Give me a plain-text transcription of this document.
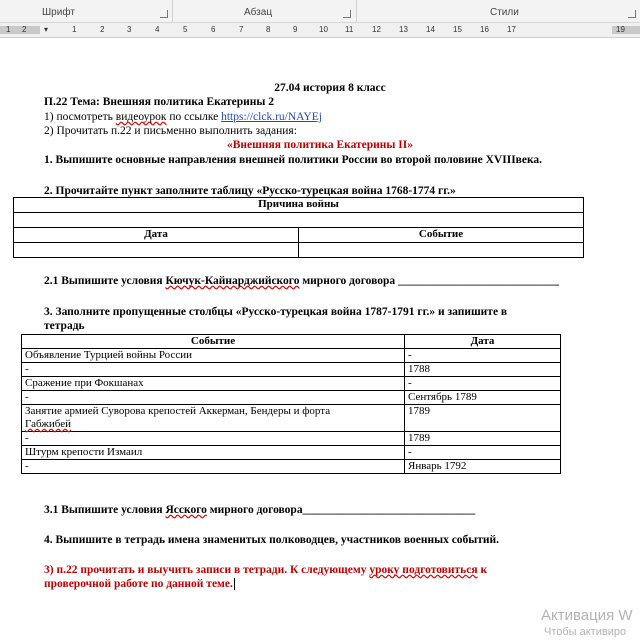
Шрифт	Абзац	Стили
1 2 ▾	1	2	3	4	5	6	7	8	9	10 11 12 13 14 15 16 17	19
27.04 история 8 класс
П.22 Тема: Внешняя политика Екатерины 2
1) посмотреть видеоурок по ссылке https://clck.ru/NAYEj
2) Прочитать п.22 и письменно выполнить задания:
«Внешняя политика Екатерины II»
1. Выпишите основные направления внешней политики России во второй половине XVIIIвека.
2. Прочитайте пункт заполните таблицу «Русско-турецкая война 1768-1774 гг.»
Причина войны	

Дата	Событие

2.1 Выпишите условия Кючук-Кайнарджийского мирного договора ____________________________
3. Заполните пропущенные столбцы «Русско-турецкая война 1787-1791 гг.» и запишите в
тетрадь
Событие	Дата
Объявление Турцией войны России	-
-	1788
Сражение при Фокшанах	-
-	Сентябрь 1789
Занятие армией Суворова крепостей Аккерман, Бендеры и форта
Габжибей	1789
-	1789
Штурм крепости Измаил	-
-	Январь 1792
3.1 Выпишите условия Ясского мирного договора______________________________
4. Выпишите в тетрадь имена знаменитых полководцев, участников военных событий.
3) п.22 прочитать и выучить записи в тетради. К следующему уроку подготовиться к
проверочной работе по данной теме.
Активация W
Чтобы активиро
